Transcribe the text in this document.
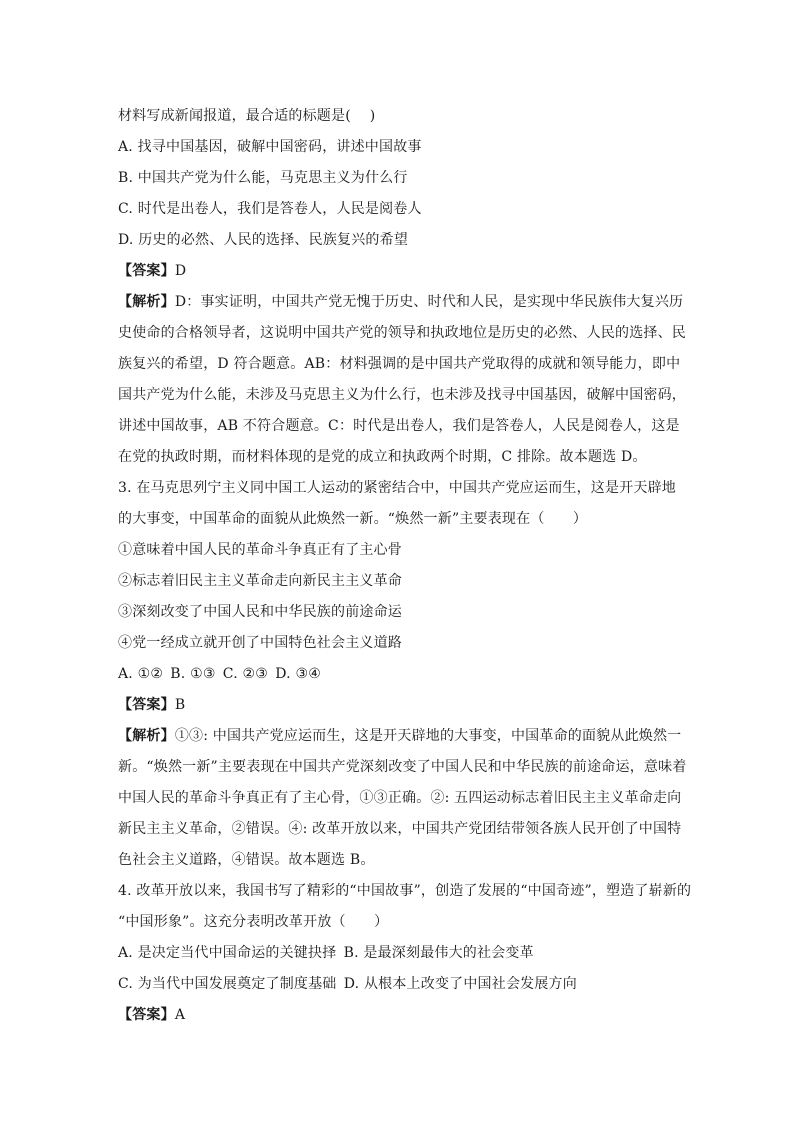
材料写成新闻报道，最合适的标题是(　 )
A. 找寻中国基因，破解中国密码，讲述中国故事
B. 中国共产党为什么能，马克思主义为什么行
C. 时代是出卷人，我们是答卷人，人民是阅卷人
D. 历史的必然、人民的选择、民族复兴的希望
【答案】D
【解析】D：事实证明，中国共产党无愧于历史、时代和人民，是实现中华民族伟大复兴历
史使命的合格领导者，这说明中国共产党的领导和执政地位是历史的必然、人民的选择、民
族复兴的希望，D 符合题意。AB：材料强调的是中国共产党取得的成就和领导能力，即中
国共产党为什么能，未涉及马克思主义为什么行，也未涉及找寻中国基因，破解中国密码，
讲述中国故事，AB 不符合题意。C：时代是出卷人，我们是答卷人，人民是阅卷人，这是
在党的执政时期，而材料体现的是党的成立和执政两个时期，C 排除。故本题选 D。
3. 在马克思列宁主义同中国工人运动的紧密结合中，中国共产党应运而生，这是开天辟地
的大事变，中国革命的面貌从此焕然一新。“焕然一新”主要表现在（　　）
①意味着中国人民的革命斗争真正有了主心骨
②标志着旧民主主义革命走向新民主主义革命
③深刻改变了中国人民和中华民族的前途命运
④党一经成立就开创了中国特色社会主义道路
A. ①② B. ①③ C. ②③ D. ③④
【答案】B
【解析】①③: 中国共产党应运而生，这是开天辟地的大事变，中国革命的面貌从此焕然一
新。“焕然一新”主要表现在中国共产党深刻改变了中国人民和中华民族的前途命运，意味着
中国人民的革命斗争真正有了主心骨，①③正确。②: 五四运动标志着旧民主主义革命走向
新民主主义革命，②错误。④: 改革开放以来，中国共产党团结带领各族人民开创了中国特
色社会主义道路，④错误。故本题选 B。
4. 改革开放以来，我国书写了精彩的“中国故事”，创造了发展的“中国奇迹”，塑造了崭新的
“中国形象”。这充分表明改革开放（　　）
A. 是决定当代中国命运的关键抉择 B. 是最深刻最伟大的社会变革
C. 为当代中国发展奠定了制度基础 D. 从根本上改变了中国社会发展方向
【答案】A
